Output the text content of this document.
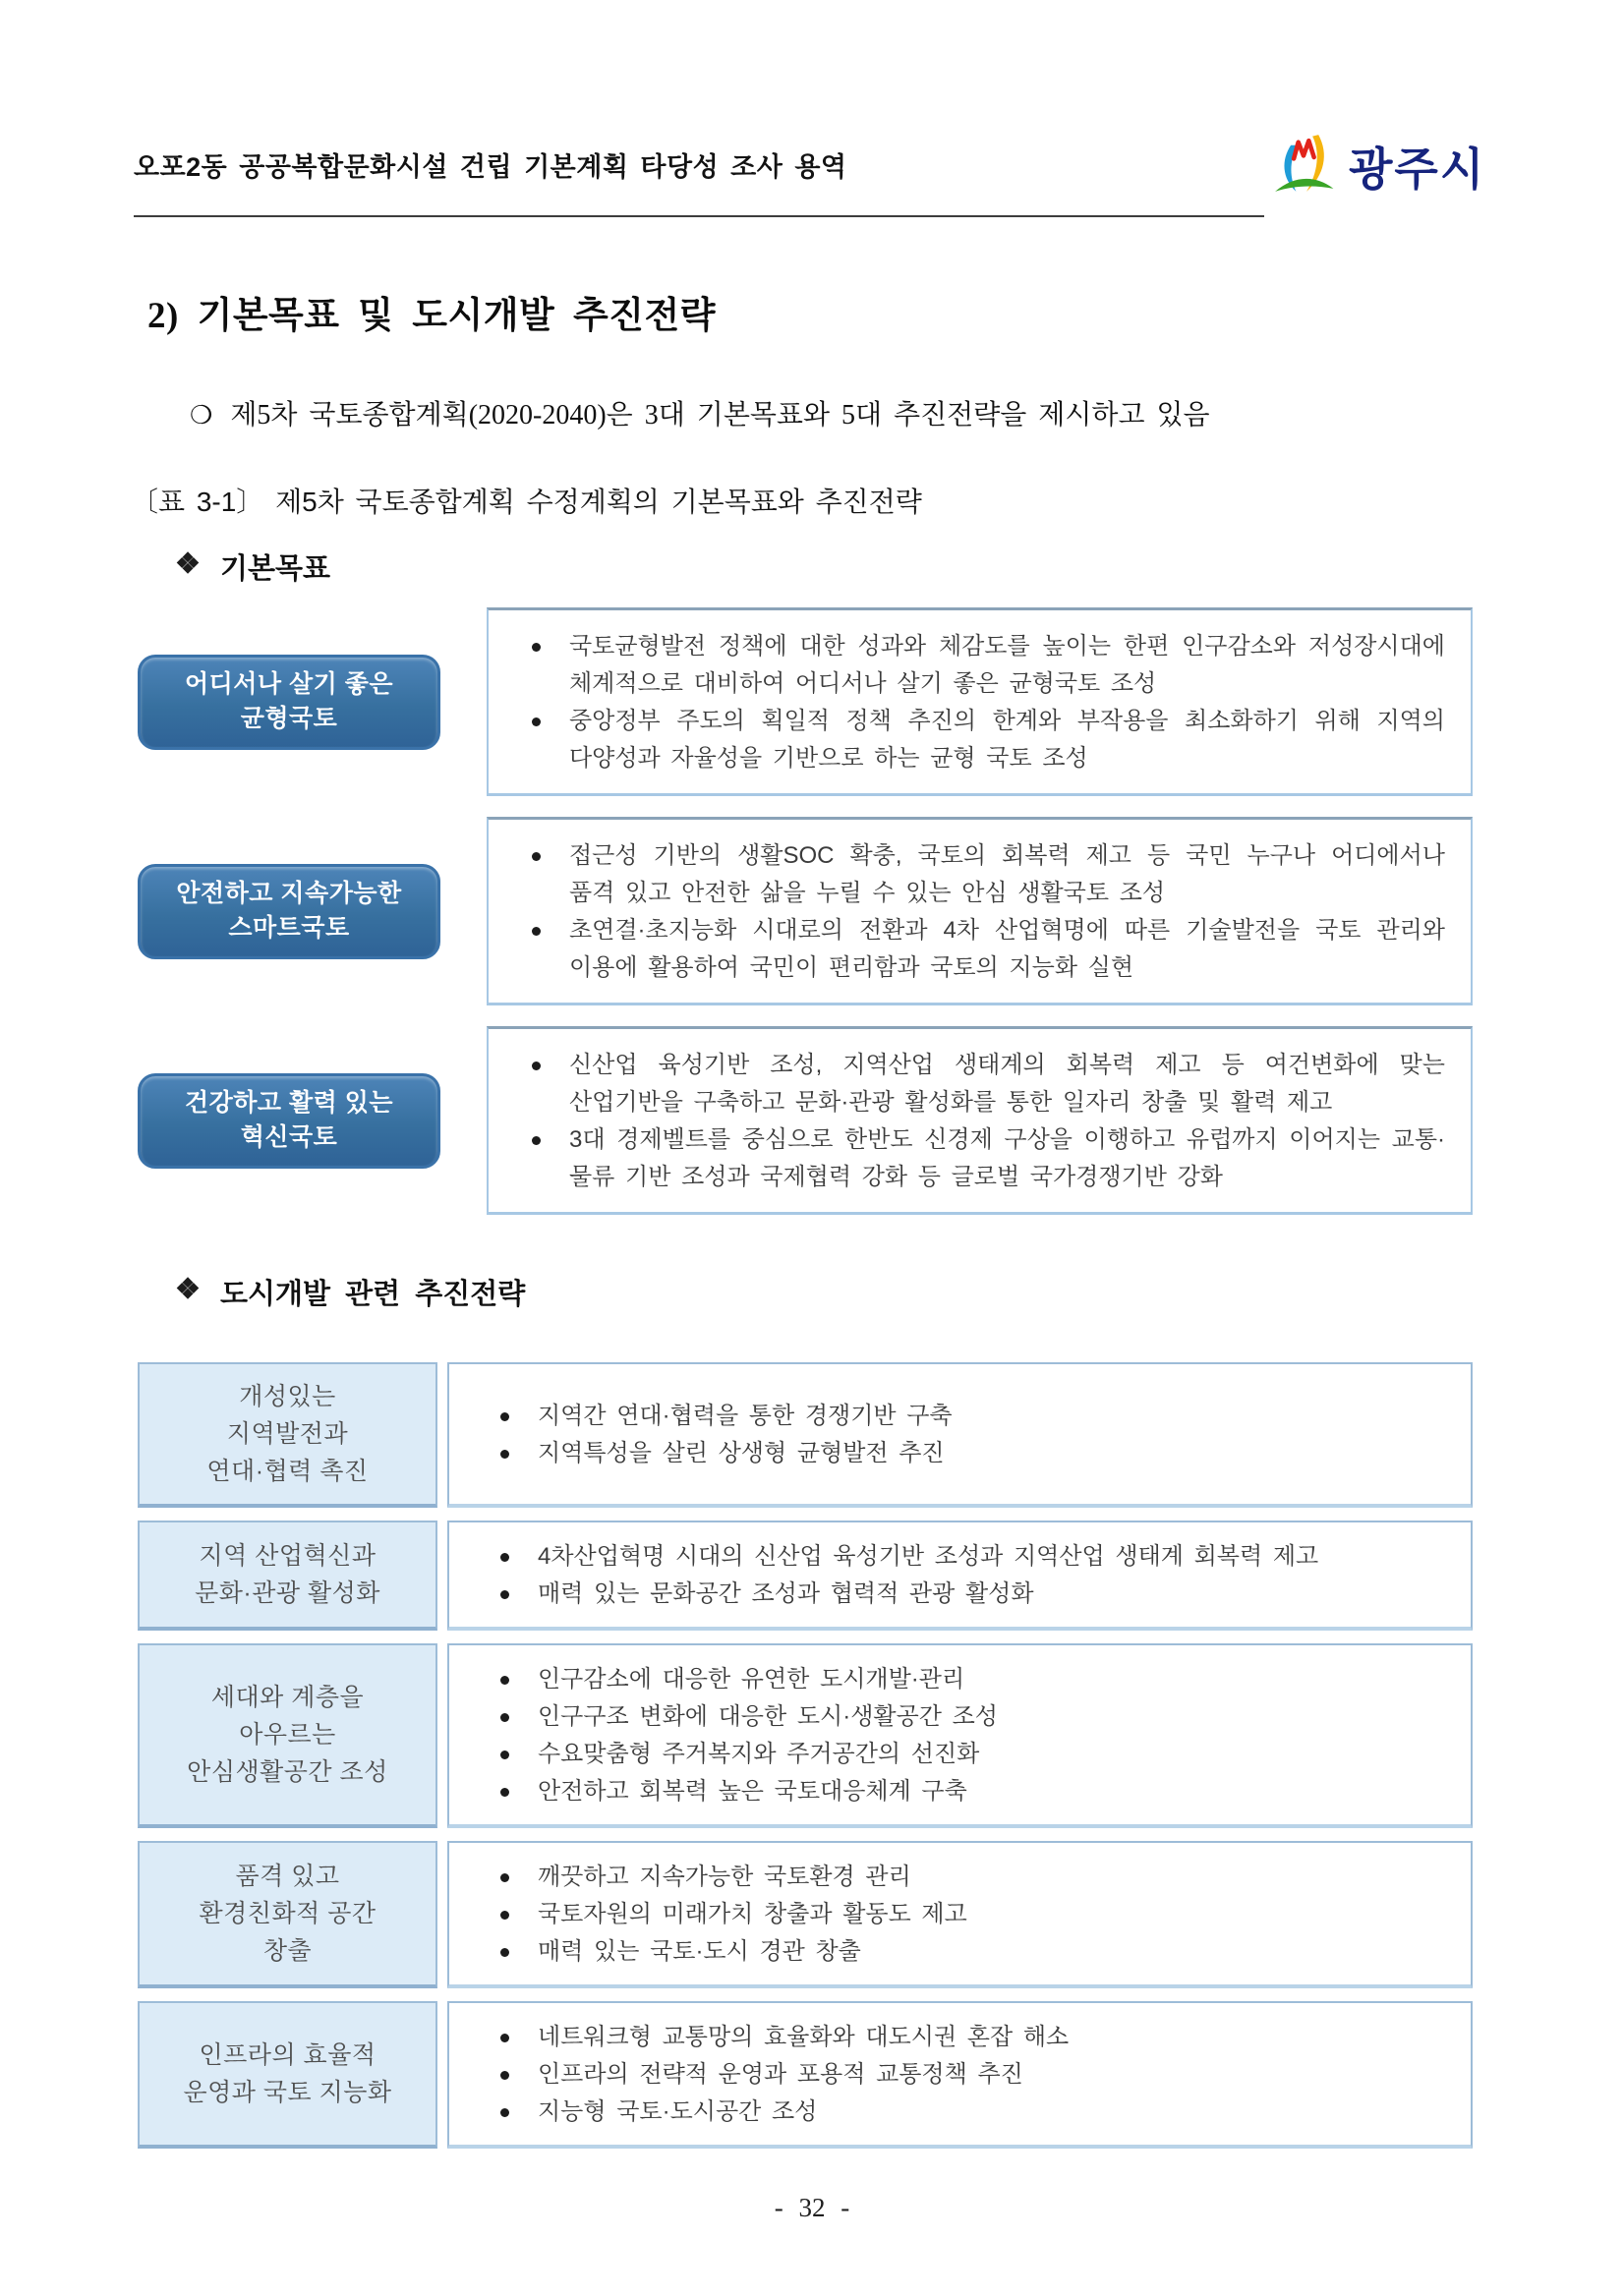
오포2동 공공복합문화시설 건립 기본계획 타당성 조사 용역	광주시
2) 기본목표 및 도시개발 추진전략
❍ 제5차 국토종합계획(2020-2040)은 3대 기본목표와 5대 추진전략을 제시하고 있음
〔표 3-1〕 제5차 국토종합계획 수정계획의 기본목표와 추진전략
❖ 기본목표
어디서나 살기 좋은
균형국토
국토균형발전 정책에 대한 성과와 체감도를 높이는 한편 인구감소와 저성장시대에 체계적으로 대비하여 어디서나 살기 좋은 균형국토 조성
중앙정부 주도의 획일적 정책 추진의 한계와 부작용을 최소화하기 위해 지역의 다양성과 자율성을 기반으로 하는 균형 국토 조성
안전하고 지속가능한
스마트국토
접근성 기반의 생활SOC 확충, 국토의 회복력 제고 등 국민 누구나 어디에서나 품격 있고 안전한 삶을 누릴 수 있는 안심 생활국토 조성
초연결·초지능화 시대로의 전환과 4차 산업혁명에 따른 기술발전을 국토 관리와 이용에 활용하여 국민이 편리함과 국토의 지능화 실현
건강하고 활력 있는
혁신국토
신산업 육성기반 조성, 지역산업 생태계의 회복력 제고 등 여건변화에 맞는 산업기반을 구축하고 문화·관광 활성화를 통한 일자리 창출 및 활력 제고
3대 경제벨트를 중심으로 한반도 신경제 구상을 이행하고 유럽까지 이어지는 교통·물류 기반 조성과 국제협력 강화 등 글로벌 국가경쟁기반 강화
❖ 도시개발 관련 추진전략
개성있는
지역발전과
연대·협력 촉진
지역간 연대·협력을 통한 경쟁기반 구축
지역특성을 살린 상생형 균형발전 추진
지역 산업혁신과
문화·관광 활성화
4차산업혁명 시대의 신산업 육성기반 조성과 지역산업 생태계 회복력 제고
매력 있는 문화공간 조성과 협력적 관광 활성화
세대와 계층을
아우르는
안심생활공간 조성
인구감소에 대응한 유연한 도시개발·관리
인구구조 변화에 대응한 도시·생활공간 조성
수요맞춤형 주거복지와 주거공간의 선진화
안전하고 회복력 높은 국토대응체계 구축
품격 있고
환경친화적 공간
창출
깨끗하고 지속가능한 국토환경 관리
국토자원의 미래가치 창출과 활동도 제고
매력 있는 국토·도시 경관 창출
인프라의 효율적
운영과 국토 지능화
네트워크형 교통망의 효율화와 대도시권 혼잡 해소
인프라의 전략적 운영과 포용적 교통정책 추진
지능형 국토·도시공간 조성
- 32 -
